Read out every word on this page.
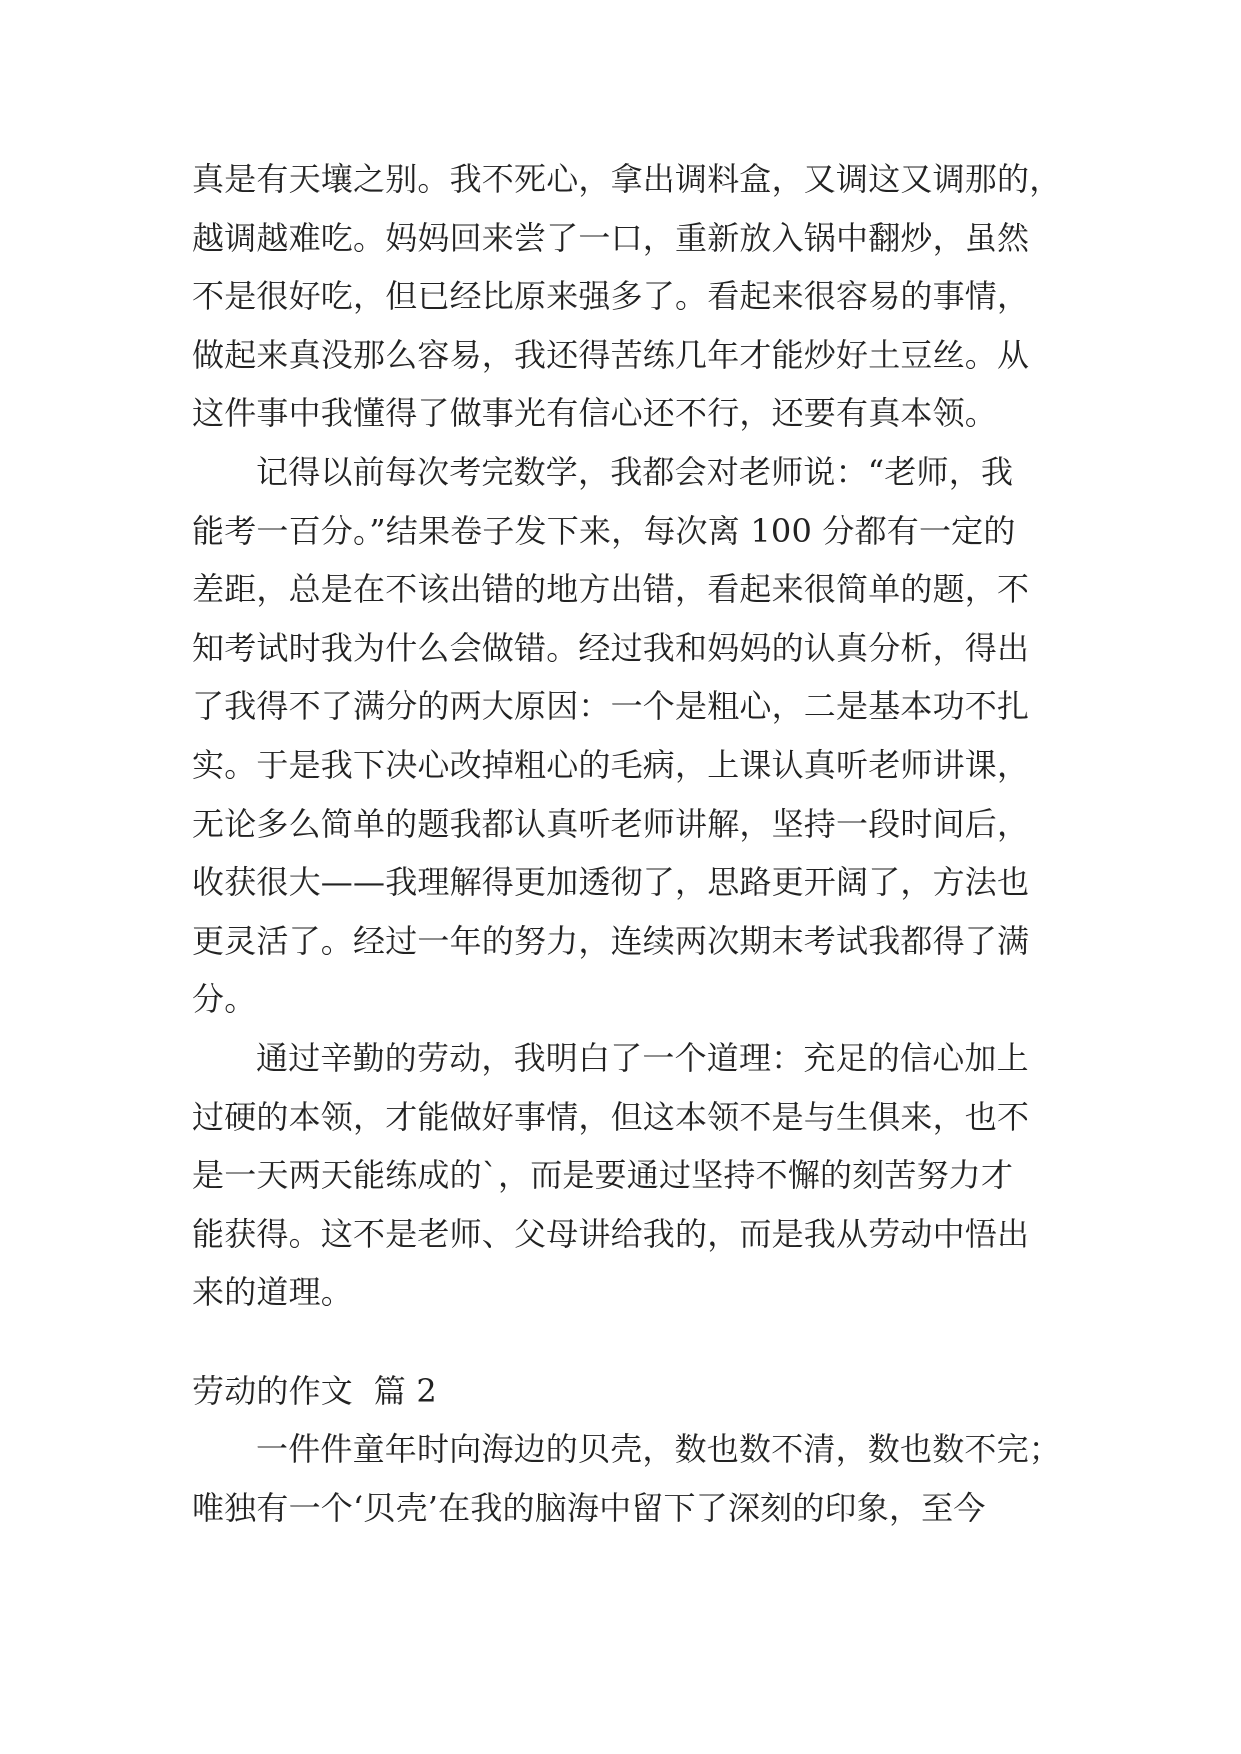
真是有天壤之别。我不死心，拿出调料盒，又调这又调那的，
越调越难吃。妈妈回来尝了一口，重新放入锅中翻炒，虽然
不是很好吃，但已经比原来强多了。看起来很容易的事情，
做起来真没那么容易，我还得苦练几年才能炒好土豆丝。从
这件事中我懂得了做事光有信心还不行，还要有真本领。
记得以前每次考完数学，我都会对老师说：“老师，我
能考一百分。”结果卷子发下来，每次离 100 分都有一定的
差距，总是在不该出错的地方出错，看起来很简单的题，不
知考试时我为什么会做错。经过我和妈妈的认真分析，得出
了我得不了满分的两大原因：一个是粗心，二是基本功不扎
实。于是我下决心改掉粗心的毛病，上课认真听老师讲课，
无论多么简单的题我都认真听老师讲解，坚持一段时间后，
收获很大——我理解得更加透彻了，思路更开阔了，方法也
更灵活了。经过一年的努力，连续两次期末考试我都得了满
分。
通过辛勤的劳动，我明白了一个道理：充足的信心加上
过硬的本领，才能做好事情，但这本领不是与生俱来，也不
是一天两天能练成的`，而是要通过坚持不懈的刻苦努力才
能获得。这不是老师、父母讲给我的，而是我从劳动中悟出
来的道理。
劳动的作文  篇 2
一件件童年时向海边的贝壳，数也数不清，数也数不完；
唯独有一个‘贝壳’在我的脑海中留下了深刻的印象，至今
